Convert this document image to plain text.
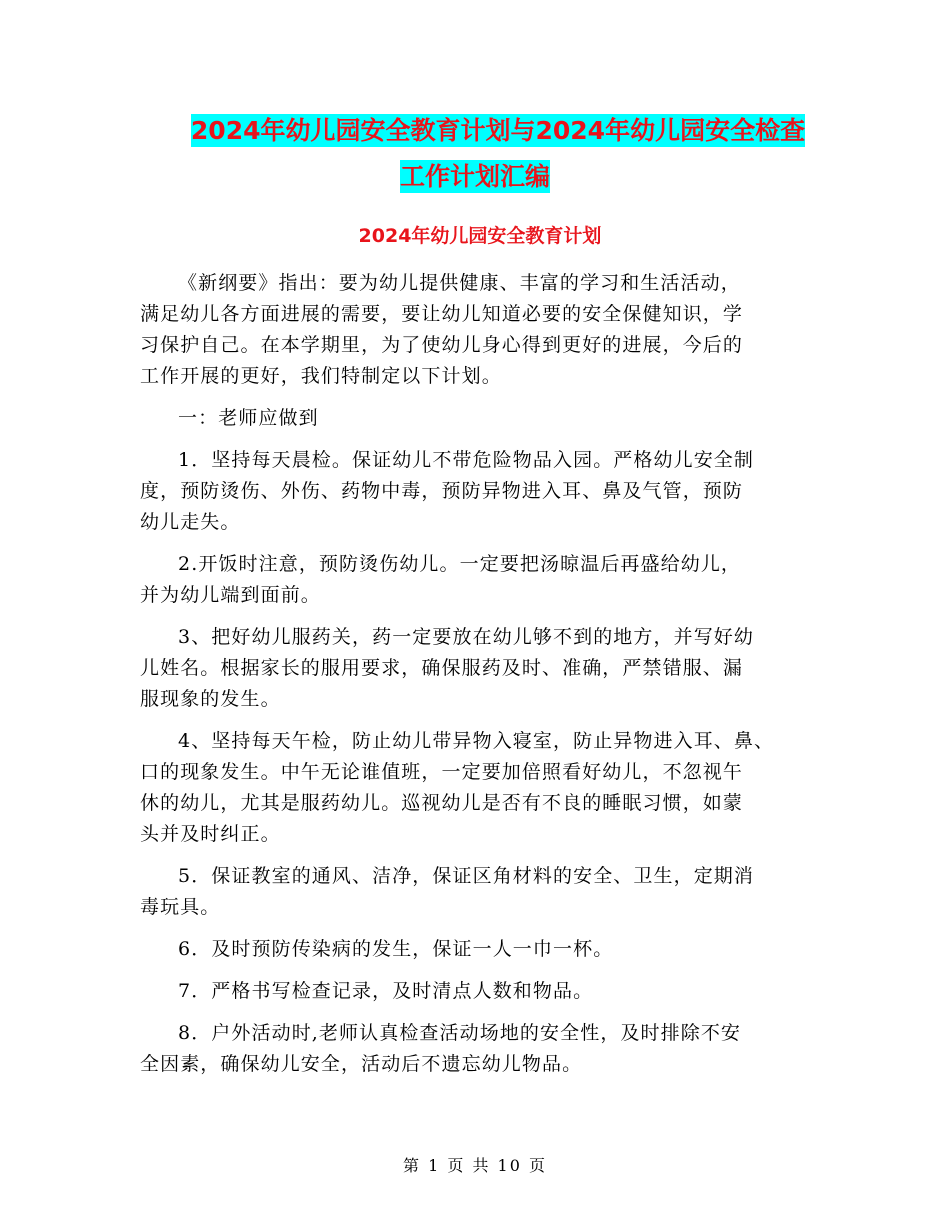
2024年幼儿园安全教育计划与2024年幼儿园安全检查
工作计划汇编
2024年幼儿园安全教育计划

《新纲要》指出：要为幼儿提供健康、丰富的学习和生活活动，
满足幼儿各方面进展的需要，要让幼儿知道必要的安全保健知识，学
习保护自己。在本学期里，为了使幼儿身心得到更好的进展，今后的
工作开展的更好，我们特制定以下计划。

一：老师应做到

1．坚持每天晨检。保证幼儿不带危险物品入园。严格幼儿安全制
度，预防烫伤、外伤、药物中毒，预防异物进入耳、鼻及气管，预防
幼儿走失。

2.开饭时注意，预防烫伤幼儿。一定要把汤晾温后再盛给幼儿，
并为幼儿端到面前。

3、把好幼儿服药关，药一定要放在幼儿够不到的地方，并写好幼
儿姓名。根据家长的服用要求，确保服药及时、准确，严禁错服、漏
服现象的发生。

4、坚持每天午检，防止幼儿带异物入寝室，防止异物进入耳、鼻、
口的现象发生。中午无论谁值班，一定要加倍照看好幼儿，不忽视午
休的幼儿，尤其是服药幼儿。巡视幼儿是否有不良的睡眠习惯，如蒙
头并及时纠正。

5．保证教室的通风、洁净，保证区角材料的安全、卫生，定期消
毒玩具。

6．及时预防传染病的发生，保证一人一巾一杯。

7．严格书写检查记录，及时清点人数和物品。

8．户外活动时,老师认真检查活动场地的安全性，及时排除不安
全因素，确保幼儿安全，活动后不遗忘幼儿物品。

第 1 页 共 10 页
